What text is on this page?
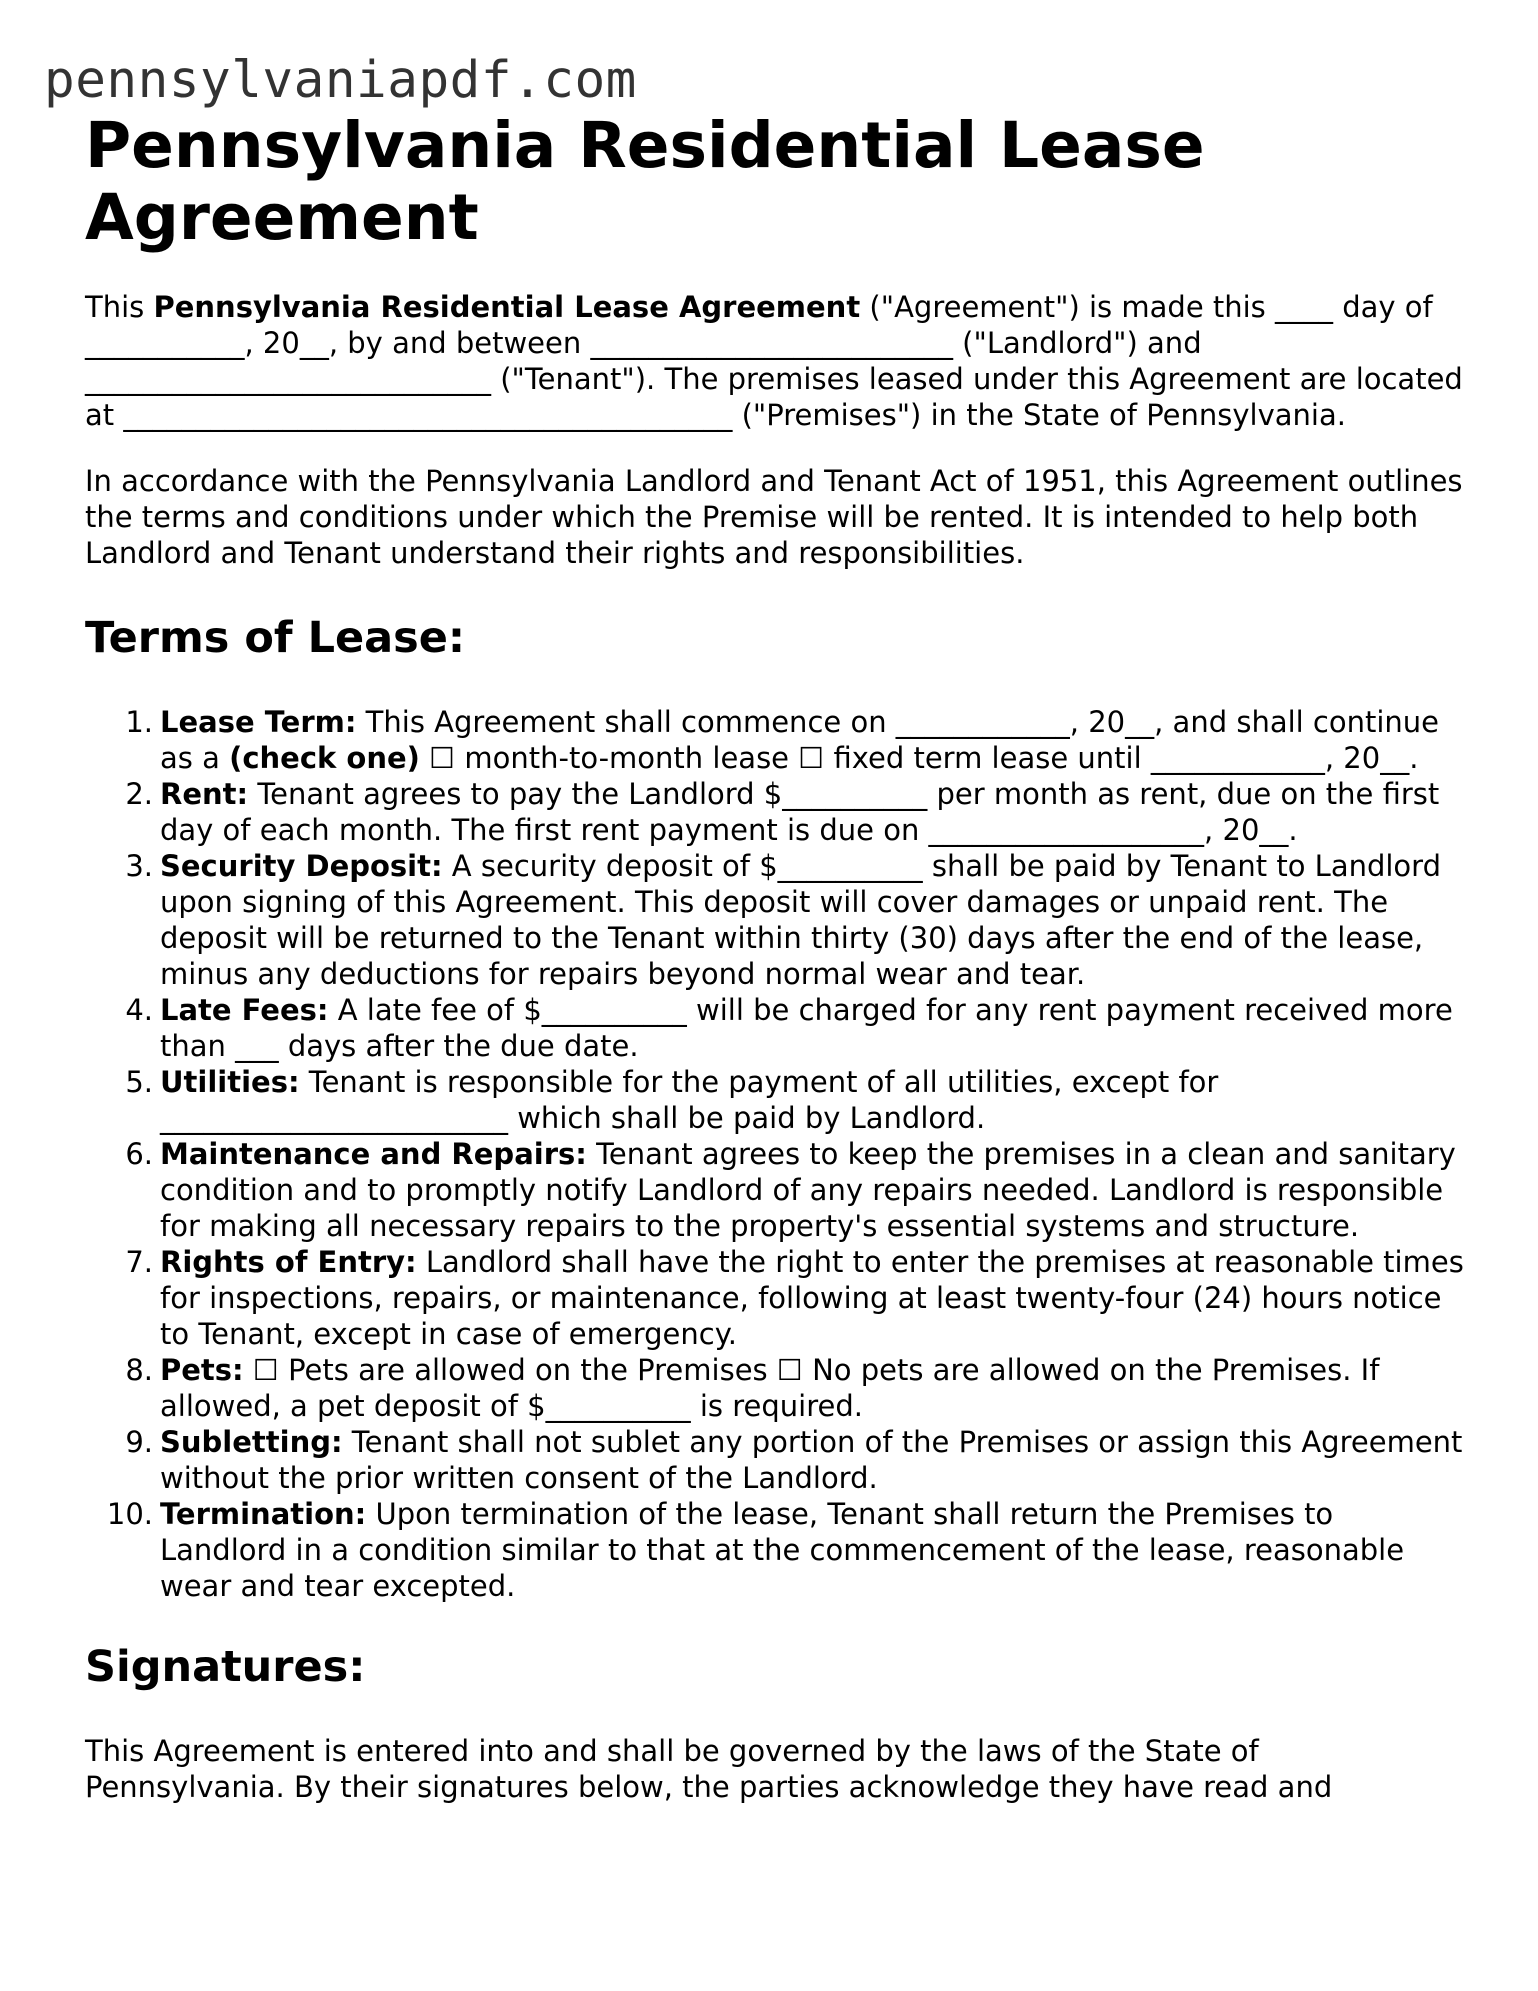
pennsylvaniapdf.com
Pennsylvania Residential Lease Agreement

This Pennsylvania Residential Lease Agreement ("Agreement") is made this ____ day of ___________, 20__, by and between _________________________ ("Landlord") and ____________________________ ("Tenant"). The premises leased under this Agreement are located at __________________________________________ ("Premises") in the State of Pennsylvania.

In accordance with the Pennsylvania Landlord and Tenant Act of 1951, this Agreement outlines the terms and conditions under which the Premise will be rented. It is intended to help both Landlord and Tenant understand their rights and responsibilities.

Terms of Lease:
1. Lease Term: This Agreement shall commence on ____________, 20__, and shall continue as a (check one) ☐ month-to-month lease ☐ fixed term lease until ____________, 20__.
2. Rent: Tenant agrees to pay the Landlord $__________ per month as rent, due on the first day of each month. The first rent payment is due on ___________________, 20__.
3. Security Deposit: A security deposit of $__________ shall be paid by Tenant to Landlord upon signing of this Agreement. This deposit will cover damages or unpaid rent. The deposit will be returned to the Tenant within thirty (30) days after the end of the lease, minus any deductions for repairs beyond normal wear and tear.
4. Late Fees: A late fee of $__________ will be charged for any rent payment received more than ___ days after the due date.
5. Utilities: Tenant is responsible for the payment of all utilities, except for ________________________ which shall be paid by Landlord.
6. Maintenance and Repairs: Tenant agrees to keep the premises in a clean and sanitary condition and to promptly notify Landlord of any repairs needed. Landlord is responsible for making all necessary repairs to the property's essential systems and structure.
7. Rights of Entry: Landlord shall have the right to enter the premises at reasonable times for inspections, repairs, or maintenance, following at least twenty-four (24) hours notice to Tenant, except in case of emergency.
8. Pets: ☐ Pets are allowed on the Premises ☐ No pets are allowed on the Premises. If allowed, a pet deposit of $__________ is required.
9. Subletting: Tenant shall not sublet any portion of the Premises or assign this Agreement without the prior written consent of the Landlord.
10. Termination: Upon termination of the lease, Tenant shall return the Premises to Landlord in a condition similar to that at the commencement of the lease, reasonable wear and tear excepted.
Signatures:

This Agreement is entered into and shall be governed by the laws of the State of Pennsylvania. By their signatures below, the parties acknowledge they have read and
